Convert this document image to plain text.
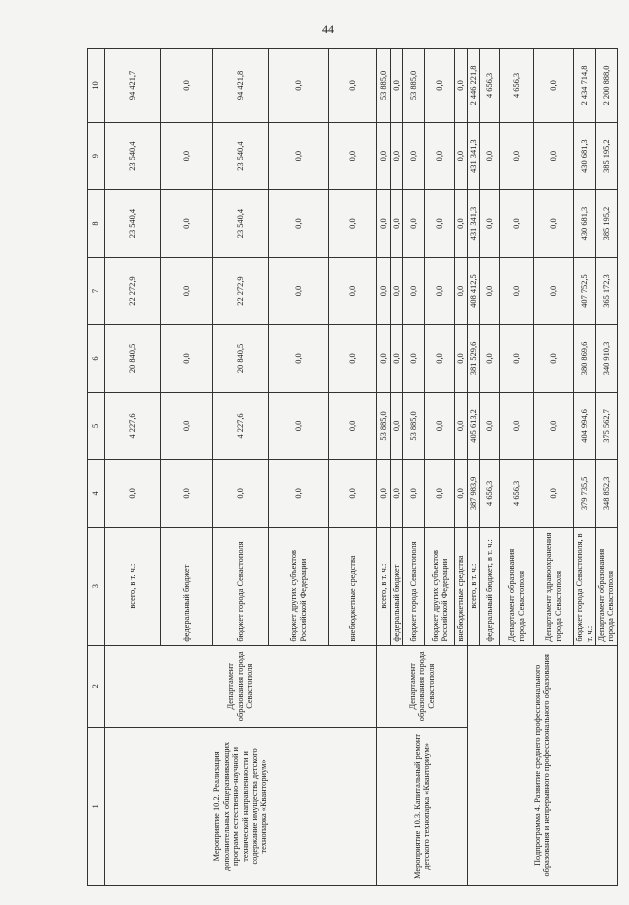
44
1	2	3	4	5	6	7	8	9	10
Мероприятие 10.2. Реализация дополнительных общеразвивающих программ естественно-научной и технической направленности и содержание имущества детского технопарка «Кванториум»	Департамент образования города Севастополя	всего, в т. ч.:	0,0	4 227,6	20 840,5	22 272,9	23 540,4	23 540,4	94 421,7
		федеральный бюджет	0,0	0,0	0,0	0,0	0,0	0,0	0,0
		бюджет города Севастополя	0,0	4 227,6	20 840,5	22 272,9	23 540,4	23 540,4	94 421,8
		бюджет других субъектов Российской Федерации	0,0	0,0	0,0	0,0	0,0	0,0	0,0
		внебюджетные средства	0,0	0,0	0,0	0,0	0,0	0,0	0,0
Мероприятие 10.3. Капитальный ремонт детского технопарка «Кванториум»	Департамент образования города Севастополя	всего, в т. ч.:	0,0	53 885,0	0,0	0,0	0,0	0,0	53 885,0
		федеральный бюджет	0,0	0,0	0,0	0,0	0,0	0,0	0,0
		бюджет города Севастополя	0,0	53 885,0	0,0	0,0	0,0	0,0	53 885,0
		бюджет других субъектов Российской Федерации	0,0	0,0	0,0	0,0	0,0	0,0	0,0
		внебюджетные средства	0,0	0,0	0,0	0,0	0,0	0,0	0,0
Подпрограмма 4. Развитие среднего профессионального образования и непрерывного профессионального образования		всего, в т. ч.:	387 983,9	405 613,2	381 529,6	408 412,5	431 341,3	431 341,3	2 446 221,8
		федеральный бюджет, в т. ч.:	4 656,3	0,0	0,0	0,0	0,0	0,0	4 656,3
		Департамент образования города Севастополя	4 656,3	0,0	0,0	0,0	0,0	0,0	4 656,3
		Департамент здравоохранения города Севастополя	0,0	0,0	0,0	0,0	0,0	0,0	0,0
		бюджет города Севастополя, в т. ч.:	379 735,5	404 994,6	380 869,6	407 752,5	430 681,3	430 681,3	2 434 714,8
		Департамент образования города Севастополя	348 852,3	375 562,7	340 910,3	365 172,3	385 195,2	385 195,2	2 200 888,0
